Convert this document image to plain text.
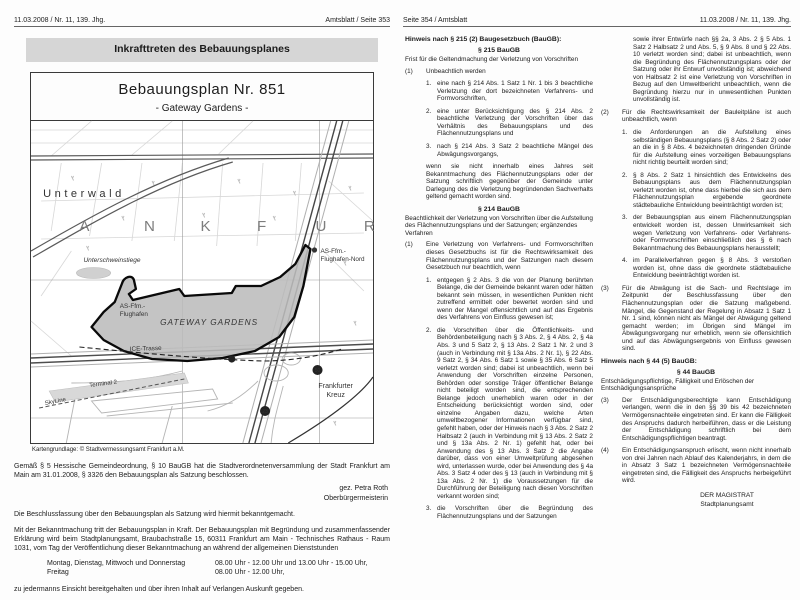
11.03.2008 / Nr. 11, 139. Jhg.	Amtsblatt / Seite 353 Seite 354 / Amtsblatt	11.03.2008 / Nr. 11, 139. Jhg.
Inkrafttreten des Bebauungsplanes
Bebauungsplan Nr. 851
- Gateway Gardens -
Unterwald
A	N	K	F	U	R
Unterschweinstiege
AS-Ffm.-
Flughafen-Nord
AS-Ffm.-
Flughafen
GATEWAY GARDENS
ICE-Trasse
Terminal 2
SkyLine
Frankfurter
Kreuz
50
23
Kartengrundlage: © Stadtvermessungsamt Frankfurt a.M.
Gemäß § 5 Hessische Gemeindeordnung, § 10 BauGB hat die Stadtverordnetenversammlung der Stadt Frankfurt am Main am 31.01.2008, § 3326 den Bebauungsplan als Satzung beschlossen.
gez. Petra Roth
Oberbürgermeisterin
Die Beschlussfassung über den Bebauungsplan als Satzung wird hiermit bekanntgemacht.
Mit der Bekanntmachung tritt der Bebauungsplan in Kraft. Der Bebauungsplan mit Begründung und zusammenfassender Erklärung wird beim Stadtplanungsamt, Braubachstraße 15, 60311 Frankfurt am Main - Technisches Rathaus - Raum 1031, vom Tag der Veröffentlichung dieser Bekanntmachung an während der allgemeinen Dienststunden
Montag, Dienstag, Mittwoch und Donnerstag	08.00 Uhr - 12.00 Uhr und 13.00 Uhr - 15.00 Uhr,
Freitag	08.00 Uhr - 12.00 Uhr,
zu jedermanns Einsicht bereitgehalten und über ihren Inhalt auf Verlangen Auskunft gegeben.
Hinweis nach § 215 (2) Baugesetzbuch (BauGB):
§ 215 BauGB
Frist für die Geltendmachung der Verletzung von Vorschriften
(1)	Unbeachtlich werden
1. eine nach § 214 Abs. 1 Satz 1 Nr. 1 bis 3 beachtliche Verletzung der dort bezeichneten Verfahrens- und Formvorschriften,
2. eine unter Berücksichtigung des § 214 Abs. 2 beachtliche Verletzung der Vorschriften über das Verhältnis des Bebauungsplans und des Flächennutzungsplans und
3. nach § 214 Abs. 3 Satz 2 beachtliche Mängel des Abwägungsvorgangs,
wenn sie nicht innerhalb eines Jahres seit Bekanntmachung des Flächennutzungsplans oder der Satzung schriftlich gegenüber der Gemeinde unter Darlegung des die Verletzung begründenden Sachverhalts geltend gemacht worden sind.
§ 214 BauGB
Beachtlichkeit der Verletzung von Vorschriften über die Aufstellung des Flächennutzungsplans und der Satzungen; ergänzendes Verfahren
(1)	Eine Verletzung von Verfahrens- und Formvorschriften dieses Gesetzbuchs ist für die Rechtswirksamkeit des Flächennutzungsplans und der Satzungen nach diesem Gesetzbuch nur beachtlich, wenn
1. entgegen § 2 Abs. 3 die von der Planung berührten Belange, die der Gemeinde bekannt waren oder hätten bekannt sein müssen, in wesentlichen Punkten nicht zutreffend ermittelt oder bewertet worden sind und wenn der Mangel offensichtlich und auf das Ergebnis des Verfahrens von Einfluss gewesen ist;
2. die Vorschriften über die Öffentlichkeits- und Behördenbeteiligung nach § 3 Abs. 2, § 4 Abs. 2, § 4a Abs. 3 und 5 Satz 2, § 13 Abs. 2 Satz 1 Nr. 2 und 3 (auch in Verbindung mit § 13a Abs. 2 Nr. 1), § 22 Abs. 9 Satz 2, § 34 Abs. 6 Satz 1 sowie § 35 Abs. 6 Satz 5 verletzt worden sind; dabei ist unbeachtlich, wenn bei Anwendung der Vorschriften einzelne Personen, Behörden oder sonstige Träger öffentlicher Belange nicht beteiligt worden sind, die entsprechenden Belange jedoch unerheblich waren oder in der Entscheidung berücksichtigt worden sind, oder einzelne Angaben dazu, welche Arten umweltbezogener Informationen verfügbar sind, gefehlt haben, oder der Hinweis nach § 3 Abs. 2 Satz 2 Halbsatz 2 (auch in Verbindung mit § 13 Abs. 2 Satz 2 und § 13a Abs. 2 Nr. 1) gefehlt hat, oder bei Anwendung des § 13 Abs. 3 Satz 2 die Angabe darüber, dass von einer Umweltprüfung abgesehen wird, unterlassen wurde, oder bei Anwendung des § 4a Abs. 3 Satz 4 oder des § 13 (auch in Verbindung mit § 13a Abs. 2 Nr. 1) die Voraussetzungen für die Durchführung der Beteiligung nach diesen Vorschriften verkannt worden sind;
3. die Vorschriften über die Begründung des Flächennutzungsplans und der Satzungen
sowie ihrer Entwürfe nach §§ 2a, 3 Abs. 2 § 5 Abs. 1 Satz 2 Halbsatz 2 und Abs. 5, § 9 Abs. 8 und § 22 Abs. 10 verletzt worden sind; dabei ist unbeachtlich, wenn die Begründung des Flächennutzungsplans oder der Satzung oder ihr Entwurf unvollständig ist; abweichend von Halbsatz 2 ist eine Verletzung von Vorschriften in Bezug auf den Umweltbericht unbeachtlich, wenn die Begründung hierzu nur in unwesentlichen Punkten unvollständig ist.
(2)	Für die Rechtswirksamkeit der Bauleitpläne ist auch unbeachtlich, wenn
1. die Anforderungen an die Aufstellung eines selbständigen Bebauungsplans (§ 8 Abs. 2 Satz 2) oder an die in § 8 Abs. 4 bezeichneten dringenden Gründe für die Aufstellung eines vorzeitigen Bebauungsplans nicht richtig beurteilt worden sind;
2. § 8 Abs. 2 Satz 1 hinsichtlich des Entwickelns des Bebauungsplans aus dem Flächennutzungsplan verletzt worden ist, ohne dass hierbei die sich aus dem Flächennutzungsplan ergebende geordnete städtebauliche Entwicklung beeinträchtigt worden ist;
3. der Bebauungsplan aus einem Flächennutzungsplan entwickelt worden ist, dessen Unwirksamkeit sich wegen Verletzung von Verfahrens- oder Verfahrens- oder Formvorschriften einschließlich des § 6 nach Bekanntmachung des Bebauungsplans herausstellt;
4. im Parallelverfahren gegen § 8 Abs. 3 verstoßen worden ist, ohne dass die geordnete städtebauliche Entwicklung beeinträchtigt worden ist.
(3)	Für die Abwägung ist die Sach- und Rechtslage im Zeitpunkt der Beschlussfassung über den Flächennutzungsplan oder die Satzung maßgebend. Mängel, die Gegenstand der Regelung in Absatz 1 Satz 1 Nr. 1 sind, können nicht als Mängel der Abwägung geltend gemacht werden; im Übrigen sind Mängel im Abwägungsvorgang nur erheblich, wenn sie offensichtlich und auf das Abwägungsergebnis von Einfluss gewesen sind.
Hinweis nach § 44 (5) BauGB:
§ 44 BauGB
Entschädigungspflichtige, Fälligkeit und Erlöschen der Entschädigungsansprüche
(3)	Der Entschädigungsberechtigte kann Entschädigung verlangen, wenn die in den §§ 39 bis 42 bezeichneten Vermögensnachteile eingetreten sind. Er kann die Fälligkeit des Anspruchs dadurch herbeiführen, dass er die Leistung der Entschädigung schriftlich bei dem Entschädigungspflichtigen beantragt.
(4)	Ein Entschädigungsanspruch erlischt, wenn nicht innerhalb von drei Jahren nach Ablauf des Kalenderjahrs, in dem die in Absatz 3 Satz 1 bezeichneten Vermögensnachteile eingetreten sind, die Fälligkeit des Anspruchs herbeigeführt wird.
DER MAGISTRAT
Stadtplanungsamt
